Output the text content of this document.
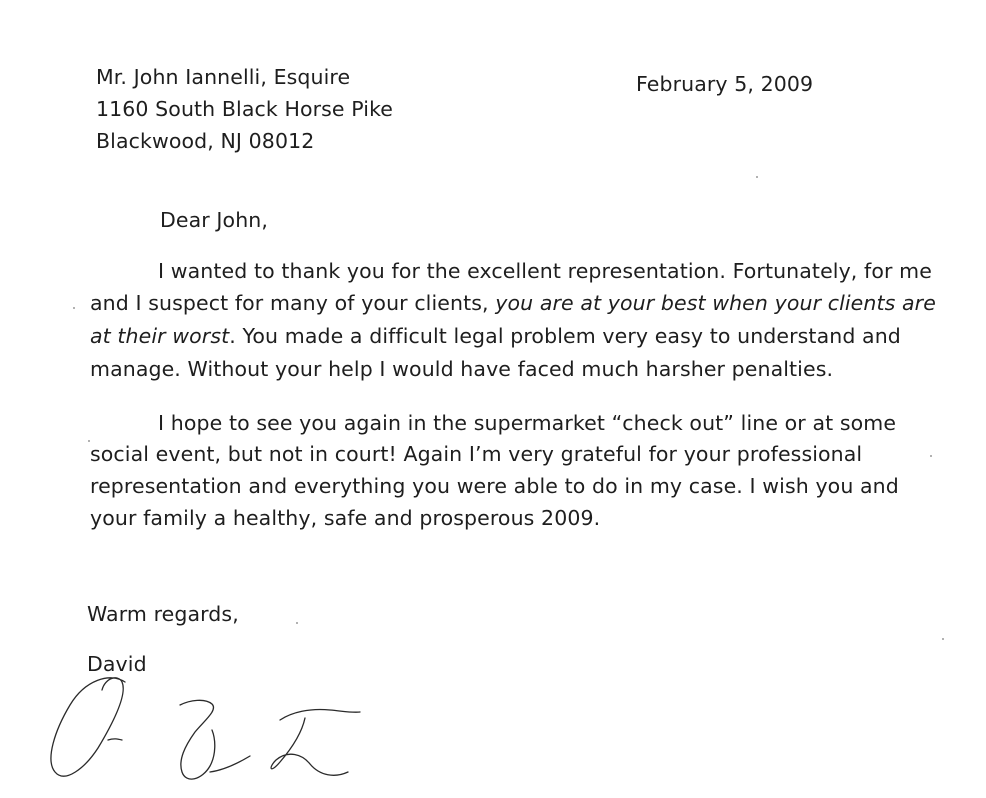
Mr. John Iannelli, Esquire
1160 South Black Horse Pike
Blackwood, NJ 08012
February 5, 2009
Dear John,
I wanted to thank you for the excellent representation. Fortunately, for me
and I suspect for many of your clients, you are at your best when your clients are
at their worst. You made a difficult legal problem very easy to understand and
manage. Without your help I would have faced much harsher penalties.
I hope to see you again in the supermarket “check out” line or at some
social event, but not in court! Again I’m very grateful for your professional
representation and everything you were able to do in my case. I wish you and
your family a healthy, safe and prosperous 2009.
Warm regards,
David
